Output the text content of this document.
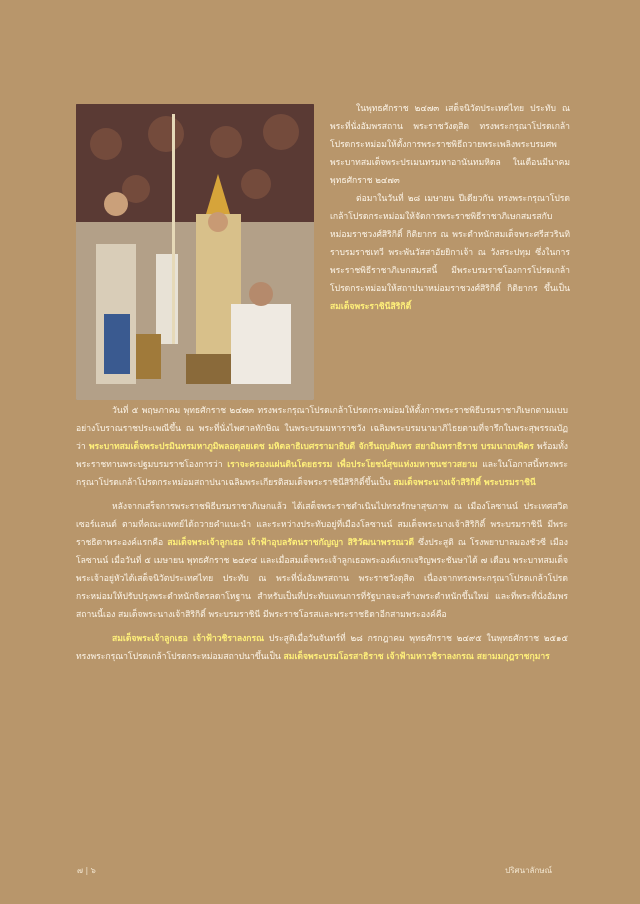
ในพุทธศักราช ๒๔๗๓ เสด็จนิวัตประเทศไทย ประทับ ณ พระที่นั่งอัมพรสถาน พระราชวังดุสิต ทรงพระกรุณาโปรดเกล้าโปรดกระหม่อมให้ตั้งการพระราชพิธีถวายพระเพลิงพระบรมศพ พระบาทสมเด็จพระปรเมนทรมหาอานันทมหิดล ในเดือนมีนาคม พุทธศักราช ๒๔๗๓

ต่อมาในวันที่ ๒๘ เมษายน ปีเดียวกัน ทรงพระกรุณาโปรดเกล้าโปรดกระหม่อมให้จัดการพระราชพิธีราชาภิเษกสมรสกับหม่อมราชวงศ์สิริกิติ์ กิติยากร ณ พระตำหนักสมเด็จพระศรีสวรินทิราบรมราชเทวี พระพันวัสสาอัยยิกาเจ้า ณ วังสระปทุม ซึ่งในการพระราชพิธีราชาภิเษกสมรสนี้ มีพระบรมราชโองการโปรดเกล้าโปรดกระหม่อมให้สถาปนาหม่อมราชวงศ์สิริกิติ์ กิติยากร ขึ้นเป็น สมเด็จพระราชินีสิริกิติ์

วันที่ ๕ พฤษภาคม พุทธศักราช ๒๔๗๓ ทรงพระกรุณาโปรดเกล้าโปรดกระหม่อมให้ตั้งการพระราชพิธีบรมราชาภิเษกตามแบบอย่างโบราณราชประเพณีขึ้น ณ พระที่นั่งไพศาลทักษิณ ในพระบรมมหาราชวัง เฉลิมพระบรมนามาภิไธยตามที่จารึกในพระสุพรรณบัฏว่า พระบาทสมเด็จพระปรมินทรมหาภูมิพลอดุลยเดช มหิตลาธิเบศรรามาธิบดี จักรีนฤบดินทร สยามินทราธิราช บรมนาถบพิตร พร้อมทั้งพระราชทานพระปฐมบรมราชโองการว่า เราจะครองแผ่นดินโดยธรรม เพื่อประโยชน์สุขแห่งมหาชนชาวสยาม และในโอกาสนี้ทรงพระกรุณาโปรดเกล้าโปรดกระหม่อมสถาปนาเฉลิมพระเกียรติสมเด็จพระราชินีสิริกิติ์ขึ้นเป็น สมเด็จพระนางเจ้าสิริกิติ์ พระบรมราชินี

หลังจากเสร็จการพระราชพิธีบรมราชาภิเษกแล้ว ได้เสด็จพระราชดำเนินไปทรงรักษาสุขภาพ ณ เมืองโลซานน์ ประเทศสวิตเซอร์แลนด์ ตามที่คณะแพทย์ได้ถวายคำแนะนำ และระหว่างประทับอยู่ที่เมืองโลซานน์ สมเด็จพระนางเจ้าสิริกิติ์ พระบรมราชินี มีพระราชธิดาพระองค์แรกคือ สมเด็จพระเจ้าลูกเธอ เจ้าฟ้าอุบลรัตนราชกัญญา สิริวัฒนาพรรณวดี ซึ่งประสูติ ณ โรงพยาบาลมองชัวซี เมืองโลซานน์ เมื่อวันที่ ๕ เมษายน พุทธศักราช ๒๔๙๔ และเมื่อสมเด็จพระเจ้าลูกเธอพระองค์แรกเจริญพระชันษาได้ ๗ เดือน พระบาทสมเด็จพระเจ้าอยู่หัวได้เสด็จนิวัตประเทศไทย ประทับ ณ พระที่นั่งอัมพรสถาน พระราชวังดุสิต เนื่องจากทรงพระกรุณาโปรดเกล้าโปรดกระหม่อมให้ปรับปรุงพระตำหนักจิตรลดาโหฐาน สำหรับเป็นที่ประทับแทนการที่รัฐบาลจะสร้างพระตำหนักขึ้นใหม่ และที่พระที่นั่งอัมพรสถานนี้เอง สมเด็จพระนางเจ้าสิริกิติ์ พระบรมราชินี มีพระราชโอรสและพระราชธิดาอีกสามพระองค์คือ

สมเด็จพระเจ้าลูกเธอ เจ้าฟ้าวชิราลงกรณ ประสูติเมื่อวันจันทร์ที่ ๒๘ กรกฎาคม พุทธศักราช ๒๔๙๕ ในพุทธศักราช ๒๕๑๕ ทรงพระกรุณาโปรดเกล้าโปรดกระหม่อมสถาปนาขึ้นเป็น สมเด็จพระบรมโอรสาธิราช เจ้าฟ้ามหาวชิราลงกรณ สยามมกุฎราชกุมาร

๗ | ๖	ปริศนาลักษณ์
